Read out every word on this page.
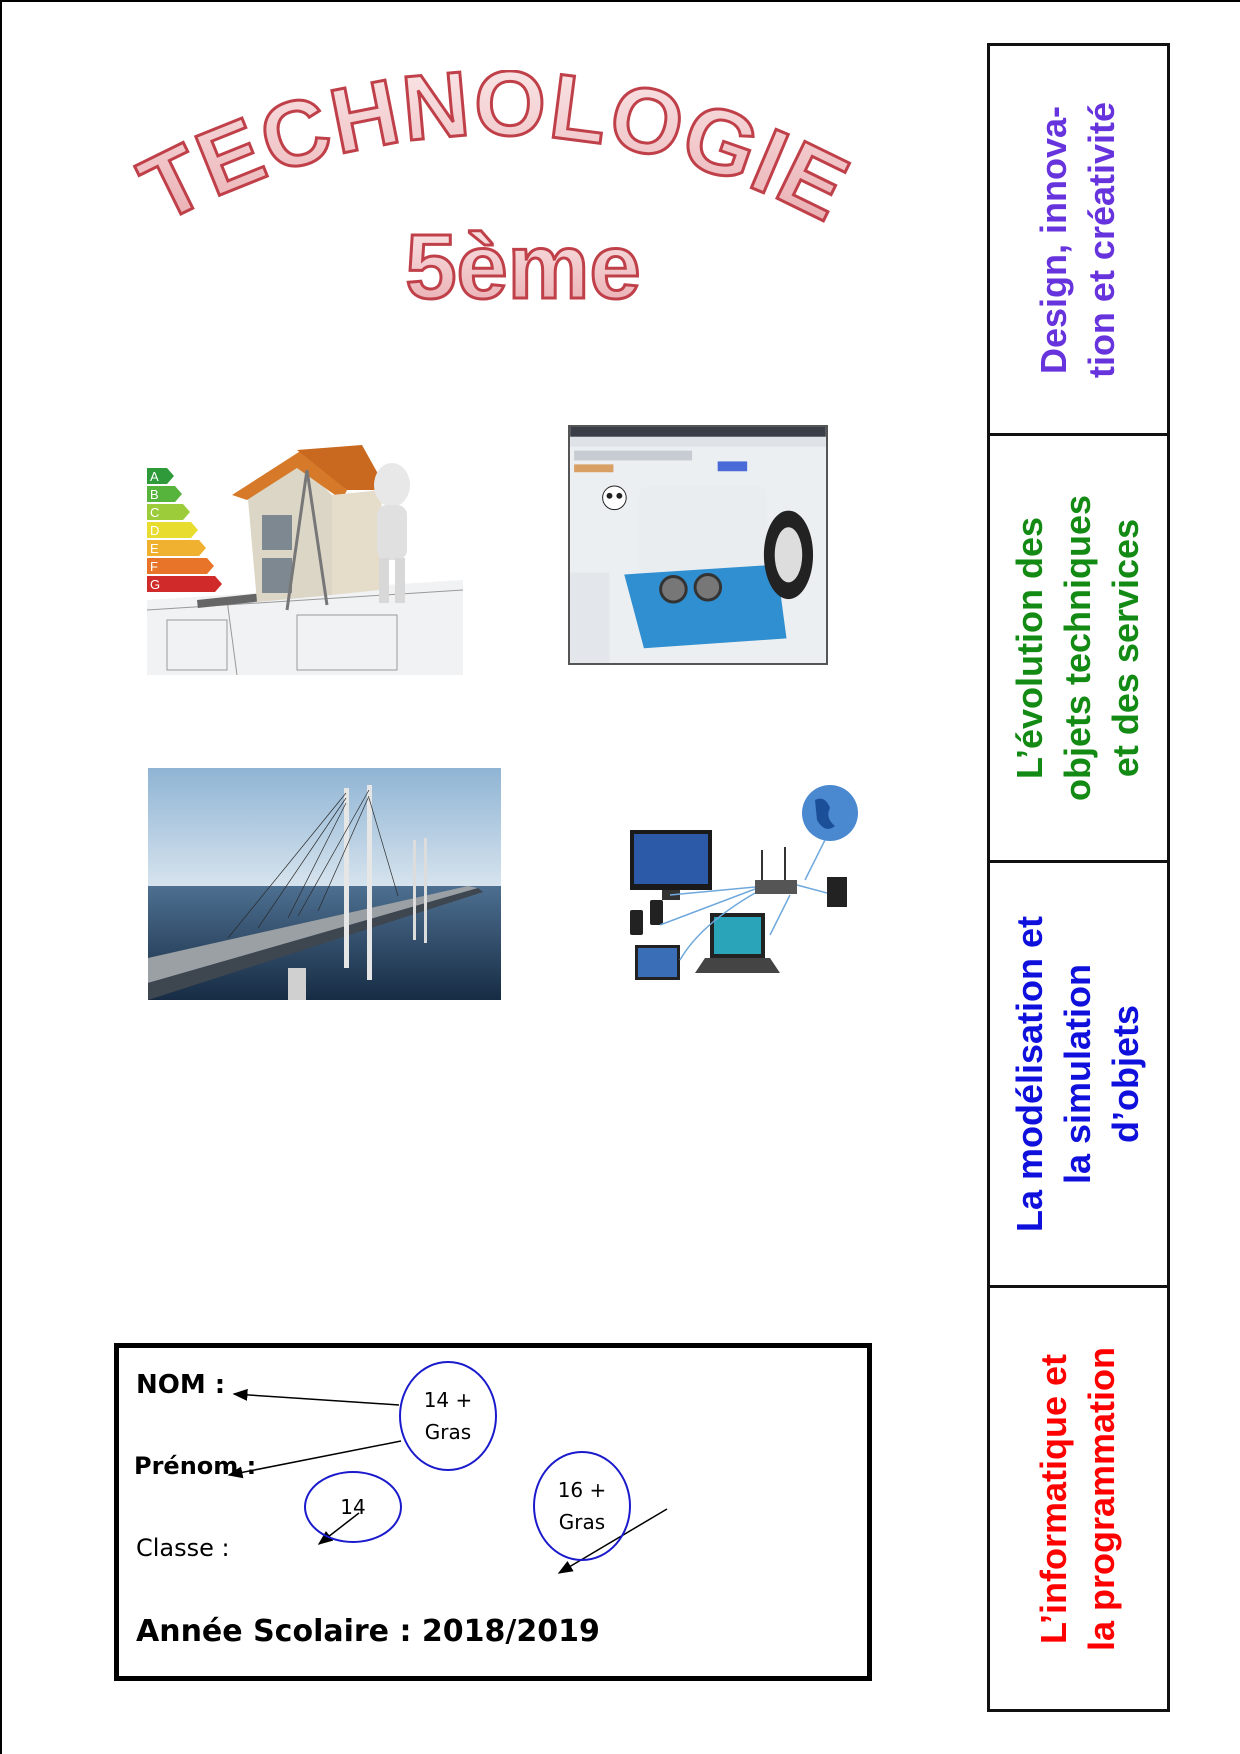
TECHNOLOGIE
5ème
A
B
C
D
E
F
G
Design, innova- tion et créativité
L’évolution des objets techniques et des services
La modélisation et la simulation d’objets
L’informatique et la programmation
NOM :
Prénom :
Classe :
Année Scolaire : 2018/2019
14 +
Gras
14
16 +
Gras
